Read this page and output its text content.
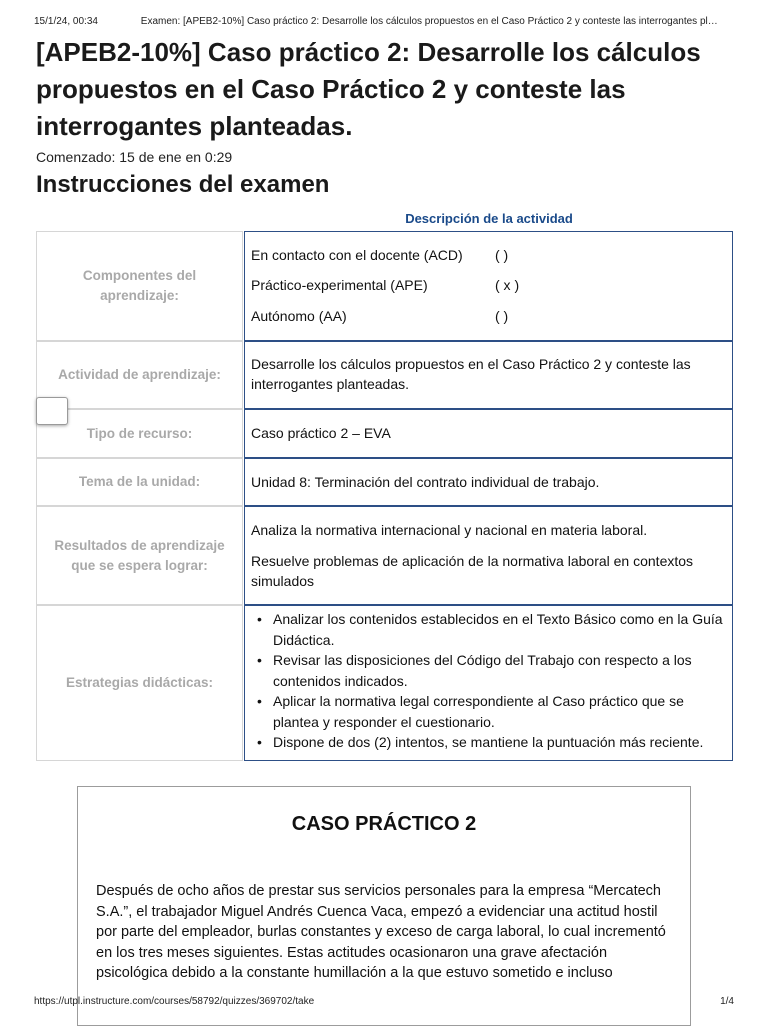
15/1/24, 00:34	Examen: [APEB2-10%] Caso práctico 2: Desarrolle los cálculos propuestos en el Caso Práctico 2 y conteste las interrogantes pl…
[APEB2-10%] Caso práctico 2: Desarrolle los cálculos propuestos en el Caso Práctico 2 y conteste las interrogantes planteadas.
Comenzado: 15 de ene en 0:29
Instrucciones del examen
Descripción de la actividad
Componentes del aprendizaje:
En contacto con el docente (ACD) ( )
Práctico-experimental (APE)	( x )
Autónomo (AA)	( )
Actividad de aprendizaje:

Desarrolle los cálculos propuestos en el Caso Práctico 2 y conteste las interrogantes planteadas.

Tipo de recurso:	Caso práctico 2 – EVA

Tema de la unidad:	Unidad 8: Terminación del contrato individual de trabajo.

Resultados de aprendizaje que se espera lograr:

Analiza la normativa internacional y nacional en materia laboral.

Resuelve problemas de aplicación de la normativa laboral en contextos simulados

Estrategias didácticas:
• Analizar los contenidos establecidos en el Texto Básico como en la Guía Didáctica.
• Revisar las disposiciones del Código del Trabajo con respecto a los contenidos indicados.
• Aplicar la normativa legal correspondiente al Caso práctico que se plantea y responder el cuestionario.
• Dispone de dos (2) intentos, se mantiene la puntuación más reciente.
CASO PRÁCTICO 2

Después de ocho años de prestar sus servicios personales para la empresa “Mercatech S.A.”, el trabajador Miguel Andrés Cuenca Vaca, empezó a evidenciar una actitud hostil por parte del empleador, burlas constantes y exceso de carga laboral, lo cual incrementó en los tres meses siguientes. Estas actitudes ocasionaron una grave afectación psicológica debido a la constante humillación a la que estuvo sometido e incluso

https://utpl.instructure.com/courses/58792/quizzes/369702/take	1/4
